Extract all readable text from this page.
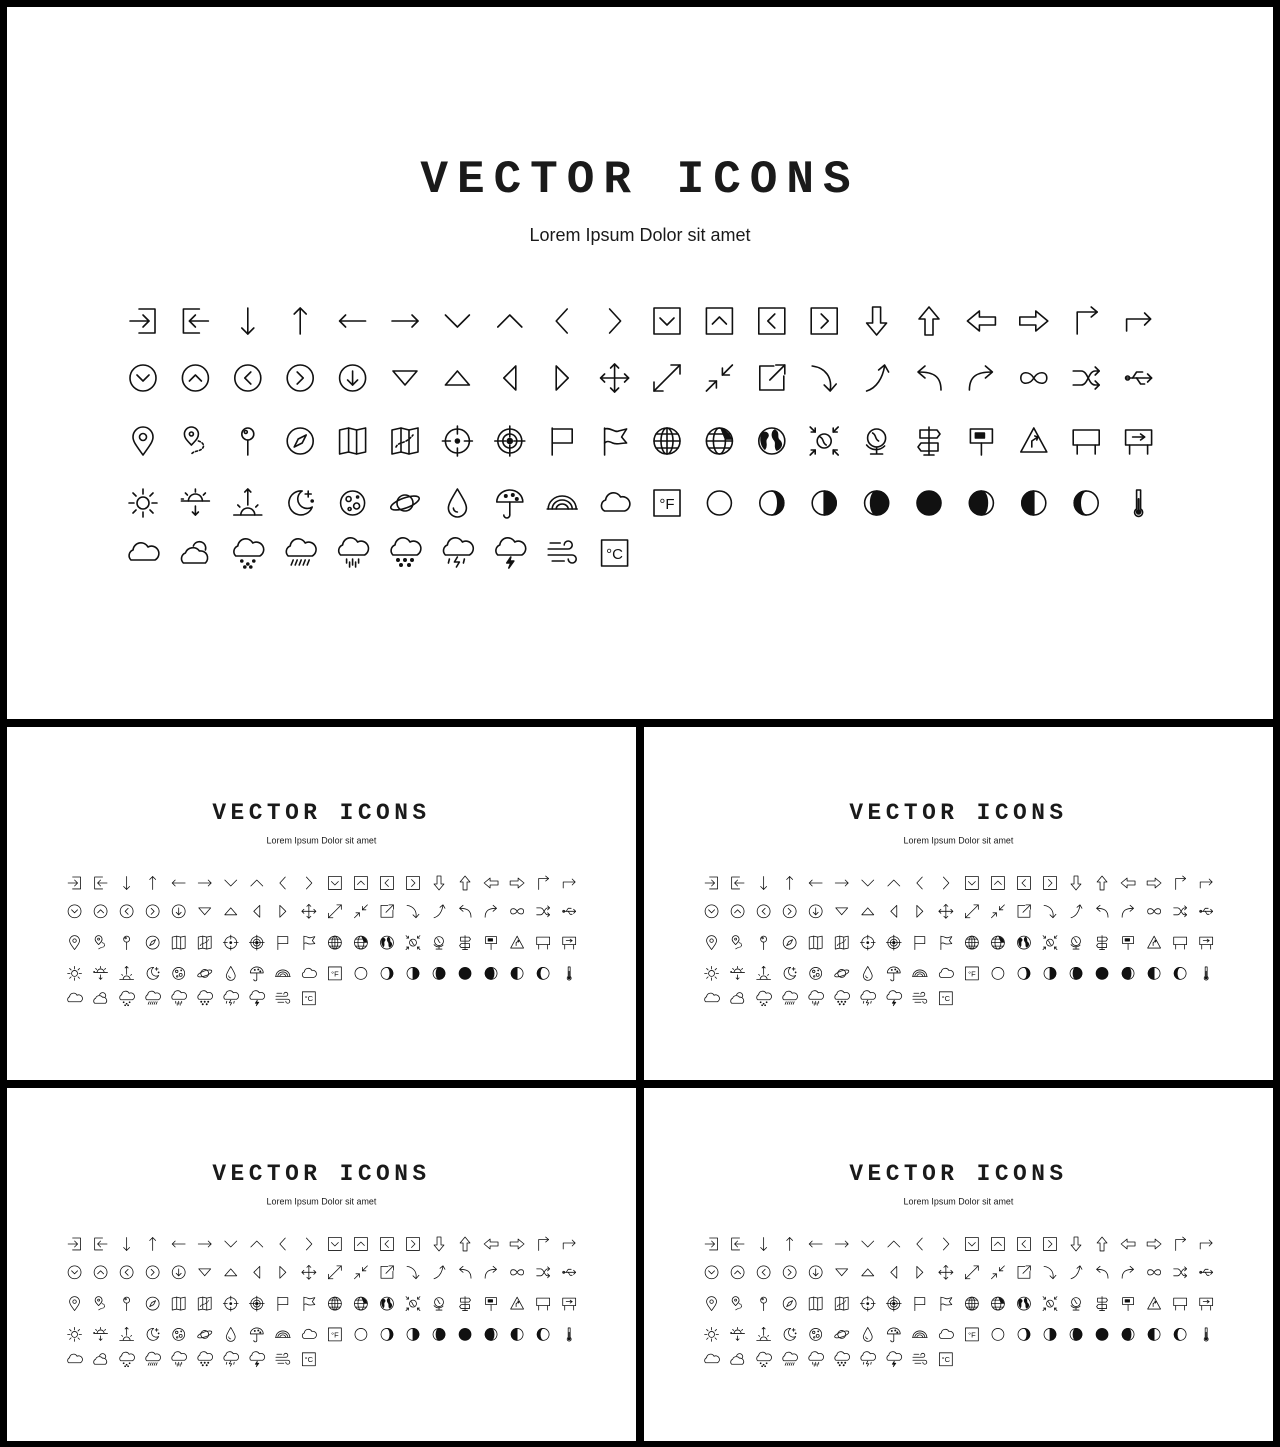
VECTOR ICONS
Lorem Ipsum Dolor sit amet
°F
°C
VECTOR ICONS
Lorem Ipsum Dolor sit amet
°F
°C
VECTOR ICONS
Lorem Ipsum Dolor sit amet
°F
°C
VECTOR ICONS
Lorem Ipsum Dolor sit amet
°F
°C
VECTOR ICONS
Lorem Ipsum Dolor sit amet
°F
°C
